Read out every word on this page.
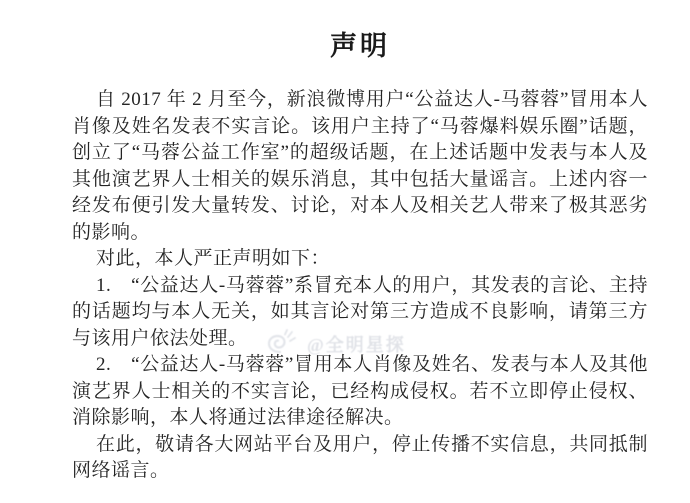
声明

自 2017 年 2 月至今，新浪微博用户“公益达人-马蓉蓉”冒用本人肖像及姓名发表不实言论。该用户主持了“马蓉爆料娱乐圈”话题，创立了“马蓉公益工作室”的超级话题，在上述话题中发表与本人及其他演艺界人士相关的娱乐消息，其中包括大量谣言。上述内容一经发布便引发大量转发、讨论，对本人及相关艺人带来了极其恶劣的影响。

对此，本人严正声明如下：

1.　“公益达人-马蓉蓉”系冒充本人的用户，其发表的言论、主持的话题均与本人无关，如其言论对第三方造成不良影响，请第三方与该用户依法处理。

2.　“公益达人-马蓉蓉”冒用本人肖像及姓名、发表与本人及其他演艺界人士相关的不实言论，已经构成侵权。若不立即停止侵权、消除影响，本人将通过法律途径解决。

在此，敬请各大网站平台及用户，停止传播不实信息，共同抵制网络谣言。

@全明星探
